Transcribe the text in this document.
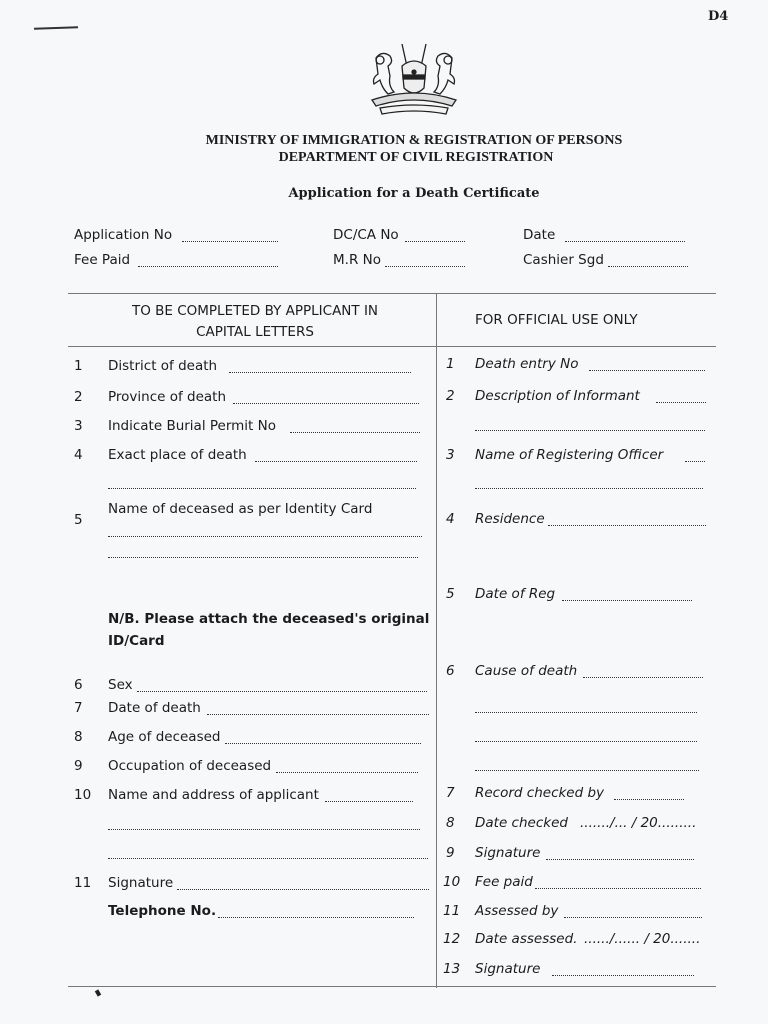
D4
MINISTRY OF IMMIGRATION & REGISTRATION OF PERSONS
DEPARTMENT OF CIVIL REGISTRATION
Application for a Death Certificate
Application No	DC/CA No	Date
Fee Paid	M.R No	Cashier Sgd
TO BE COMPLETED BY APPLICANT IN
CAPITAL LETTERS
FOR OFFICIAL USE ONLY
1 District of death
2 Province of death
3 Indicate Burial Permit No
4 Exact place of death
5
Name of deceased as per Identity Card
N/B. Please attach the deceased's original
ID/Card
6 Sex
7 Date of death
8 Age of deceased
9 Occupation of deceased
10 Name and address of applicant
11 Signature
Telephone No.
1 Death entry No
2 Description of Informant
3 Name of Registering Officer
4 Residence
5 Date of Reg
6 Cause of death
7 Record checked by
8 Date checked ......./... / 20.........
9 Signature
10 Fee paid
11 Assessed by
12 Date assessed. ....../...... / 20.......
13 Signature
